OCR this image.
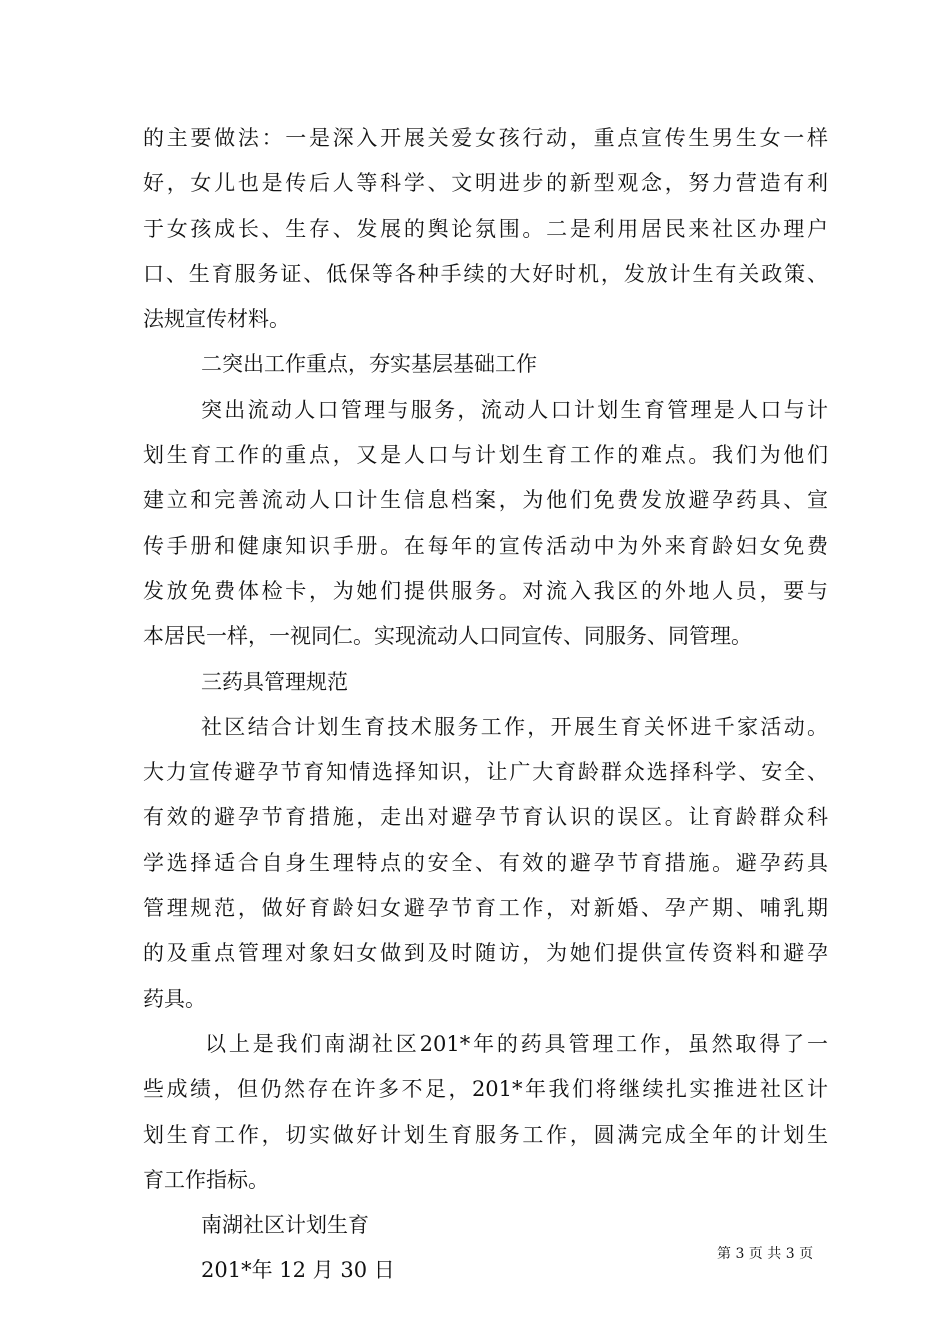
的主要做法：一是深入开展关爱女孩行动，重点宣传生男生女一样
好，女儿也是传后人等科学、文明进步的新型观念，努力营造有利
于女孩成长、生存、发展的舆论氛围。二是利用居民来社区办理户
口、生育服务证、低保等各种手续的大好时机，发放计生有关政策、
法规宣传材料。
二突出工作重点，夯实基层基础工作
突出流动人口管理与服务，流动人口计划生育管理是人口与计
划生育工作的重点，又是人口与计划生育工作的难点。我们为他们
建立和完善流动人口计生信息档案，为他们免费发放避孕药具、宣
传手册和健康知识手册。在每年的宣传活动中为外来育龄妇女免费
发放免费体检卡，为她们提供服务。对流入我区的外地人员，要与
本居民一样，一视同仁。实现流动人口同宣传、同服务、同管理。
三药具管理规范
社区结合计划生育技术服务工作，开展生育关怀进千家活动。
大力宣传避孕节育知情选择知识，让广大育龄群众选择科学、安全、
有效的避孕节育措施，走出对避孕节育认识的误区。让育龄群众科
学选择适合自身生理特点的安全、有效的避孕节育措施。避孕药具
管理规范，做好育龄妇女避孕节育工作，对新婚、孕产期、哺乳期
的及重点管理对象妇女做到及时随访，为她们提供宣传资料和避孕
药具。
以上是我们南湖社区201*年的药具管理工作，虽然取得了一
些成绩，但仍然存在许多不足，201*年我们将继续扎实推进社区计
划生育工作，切实做好计划生育服务工作，圆满完成全年的计划生
育工作指标。
南湖社区计划生育
201*年 12 月 30 日
第 3 页 共 3 页
